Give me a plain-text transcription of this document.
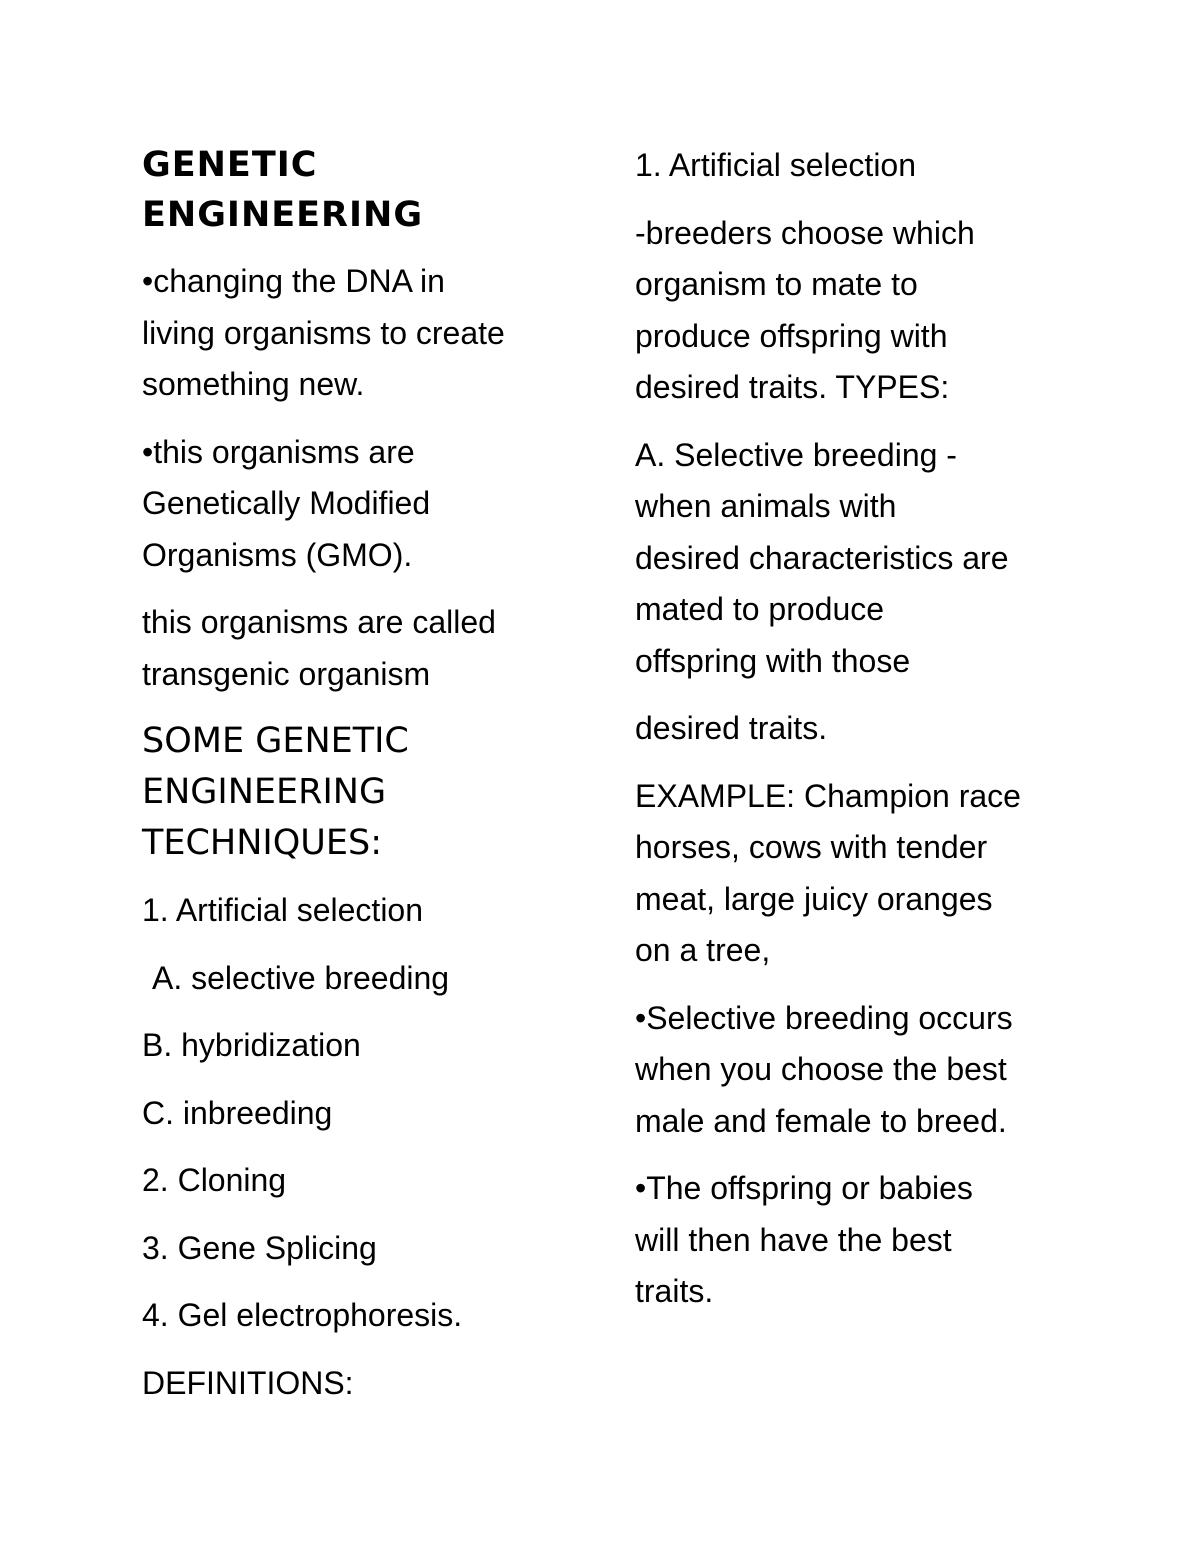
GENETIC
ENGINEERING
•changing the DNA in
living organisms to create
something new.
•this organisms are
Genetically Modified
Organisms (GMO).
this organisms are called
transgenic organism
SOME GENETIC
ENGINEERING
TECHNIQUES:
1. Artificial selection
A. selective breeding
B. hybridization
C. inbreeding
2. Cloning
3. Gene Splicing
4. Gel electrophoresis.
DEFINITIONS:
1. Artificial selection
-breeders choose which
organism to mate to
produce offspring with
desired traits. TYPES:
A. Selective breeding -
when animals with
desired characteristics are
mated to produce
offspring with those
desired traits.
EXAMPLE: Champion race
horses, cows with tender
meat, large juicy oranges
on a tree,
•Selective breeding occurs
when you choose the best
male and female to breed.
•The offspring or babies
will then have the best
traits.
